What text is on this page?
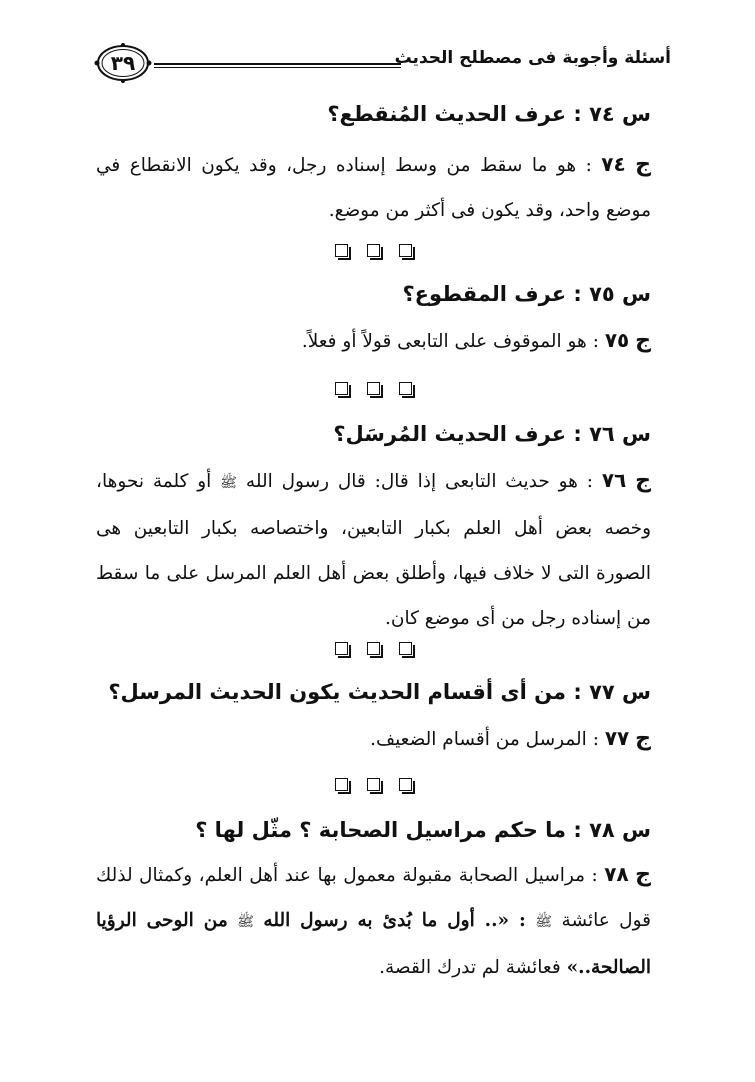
٣٩	أسئلة وأجوبة فى مصطلح الحديث
س ٧٤ : عرف الحديث المُنقطع؟
ج ٧٤ : هو ما سقط من وسط إسناده رجل، وقد يكون الانقطاع في موضع واحد، وقد يكون فى أكثر من موضع.
س ٧٥ : عرف المقطوع؟
ج ٧٥ : هو الموقوف على التابعى قولاً أو فعلاً.
س ٧٦ : عرف الحديث المُرسَل؟
ج ٧٦ : هو حديث التابعى إذا قال: قال رسول الله ﷺ أو كلمة نحوها، وخصه بعض أهل العلم بكبار التابعين، واختصاصه بكبار التابعين هى الصورة التى لا خلاف فيها، وأطلق بعض أهل العلم المرسل على ما سقط من إسناده رجل من أى موضع كان.
س ٧٧ : من أى أقسام الحديث يكون الحديث المرسل؟
ج ٧٧ : المرسل من أقسام الضعيف.
س ٧٨ : ما حكم مراسيل الصحابة ؟ مثّل لها ؟
ج ٧٨ : مراسيل الصحابة مقبولة معمول بها عند أهل العلم، وكمثال لذلك قول عائشة ﷺ : «.. أول ما بُدئ به رسول الله ﷺ من الوحى الرؤيا الصالحة..» فعائشة لم تدرك القصة.
